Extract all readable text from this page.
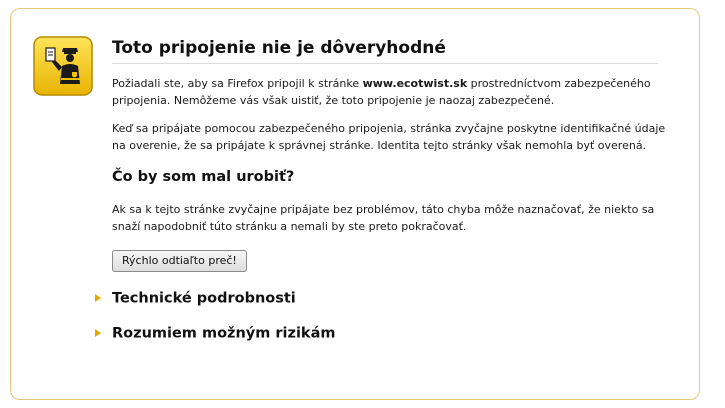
Toto pripojenie nie je dôveryhodné
Požiadali ste, aby sa Firefox pripojil k stránke www.ecotwist.sk prostredníctvom zabezpečeného pripojenia. Nemôžeme vás však uistiť, že toto pripojenie je naozaj zabezpečené.
Keď sa pripájate pomocou zabezpečeného pripojenia, stránka zvyčajne poskytne identifikačné údaje na overenie, že sa pripájate k správnej stránke. Identita tejto stránky však nemohla byť overená.
Čo by som mal urobiť?
Ak sa k tejto stránke zvyčajne pripájate bez problémov, táto chyba môže naznačovať, že niekto sa snaží napodobniť túto stránku a nemali by ste preto pokračovať.
Rýchlo odtiaľto preč!
Technické podrobnosti
Rozumiem možným rizikám
